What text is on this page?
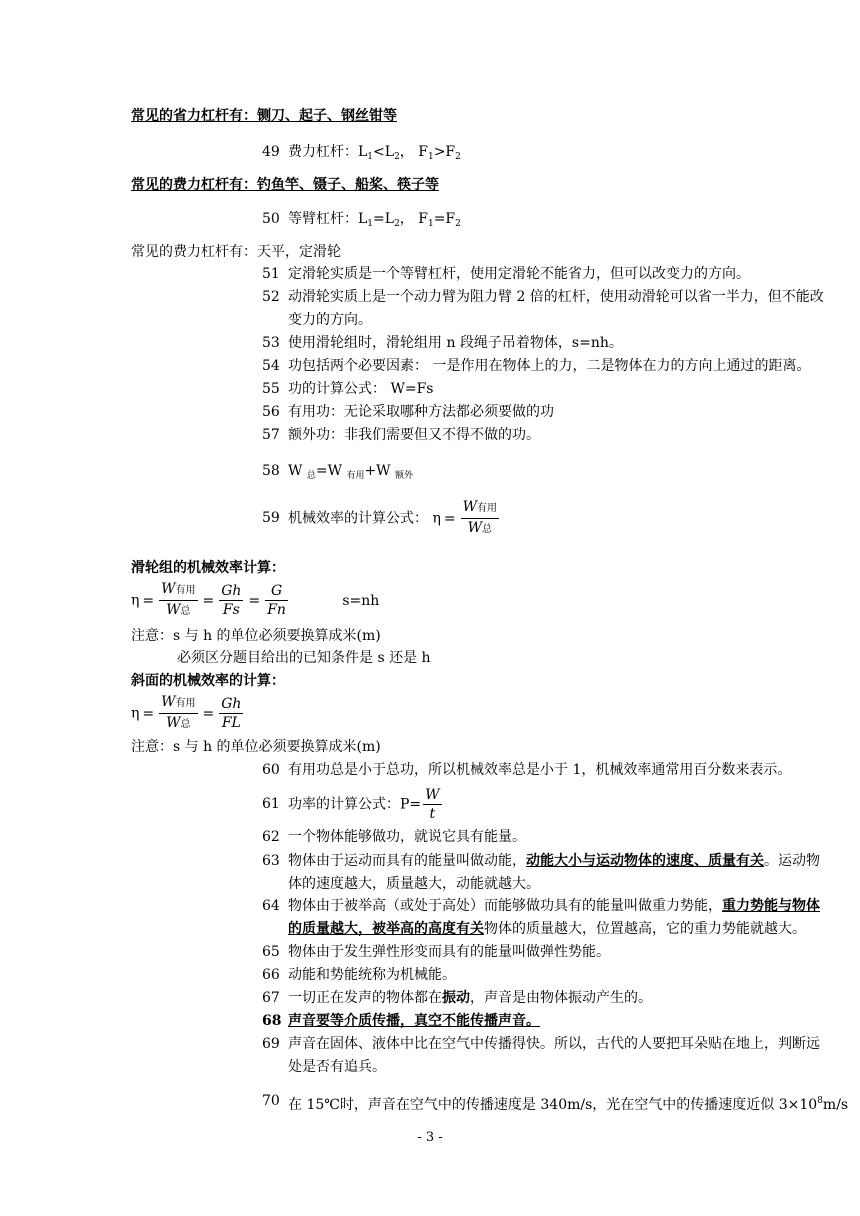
常见的省力杠杆有：铡刀、起子、钢丝钳等
49 费力杠杆：$L_1<L_2$， $F_1>F_2$
常见的费力杠杆有：钓鱼竿、镊子、船桨、筷子等
50 等臂杠杆：$L_1=L_2$， $F_1=F_2$
常见的费力杠杆有：天平，定滑轮
51 定滑轮实质是一个等臂杠杆，使用定滑轮不能省力，但可以改变力的方向。
52 动滑轮实质上是一个动力臂为阻力臂 2 倍的杠杆，使用动滑轮可以省一半力，但不能改
变力的方向。
53 使用滑轮组时，滑轮组用 n 段绳子吊着物体，s=nh。
54 功包括两个必要因素： 一是作用在物体上的力，二是物体在力的方向上通过的距离。
55 功的计算公式： W=Fs
56 有用功：无论采取哪种方法都必须要做的功
57 额外功：非我们需要但又不得不做的功。
58 W $_总$=W $_{有用}$+W $_{额外}$
59 机械效率的计算公式： $\eta = \frac{\text{W有用}}{\text{W总}}$
滑轮组的机械效率计算：
$\eta = \frac{\text{W有用}}{\text{W总}} = \frac{Gh}{Fs} = \frac{G}{Fn}$	s=nh
注意：s 与 h 的单位必须要换算成米(m)
必须区分题目给出的已知条件是 s 还是 h
斜面的机械效率的计算：
$\eta = \frac{\text{W有用}}{\text{W总}} = \frac{Gh}{FL}$
注意：s 与 h 的单位必须要换算成米(m)
60 有用功总是小于总功，所以机械效率总是小于 1，机械效率通常用百分数来表示。
61 功率的计算公式：$P= \frac{W}{t}$
62 一个物体能够做功，就说它具有能量。
63 物体由于运动而具有的能量叫做动能，动能大小与运动物体的速度、质量有关。运动物
体的速度越大，质量越大，动能就越大。
64 物体由于被举高（或处于高处）而能够做功具有的能量叫做重力势能，重力势能与物体
的质量越大，被举高的高度有关物体的质量越大，位置越高，它的重力势能就越大。
65 物体由于发生弹性形变而具有的能量叫做弹性势能。
66 动能和势能统称为机械能。
67 一切正在发声的物体都在振动，声音是由物体振动产生的。
68 声音要等介质传播，真空不能传播声音。
69 声音在固体、液体中比在空气中传播得快。所以，古代的人要把耳朵贴在地上，判断远
处是否有追兵。
70 在 15℃时，声音在空气中的传播速度是 340m/s，光在空气中的传播速度近似 $3\times 10^8m/s$
- 3 -
